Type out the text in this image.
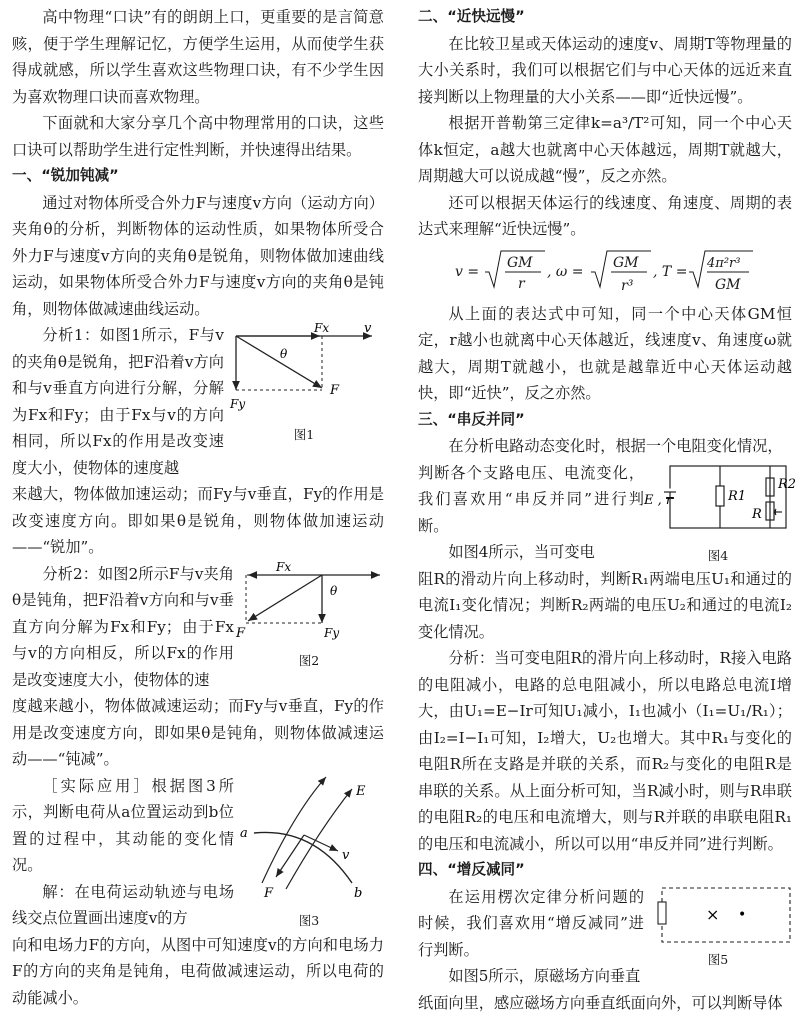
高中物理“口诀”有的朗朗上口，更重要的是言简意赅，便于学生理解记忆，方便学生运用，从而使学生获得成就感，所以学生喜欢这些物理口诀，有不少学生因为喜欢物理口诀而喜欢物理。

下面就和大家分享几个高中物理常用的口诀，这些口诀可以帮助学生进行定性判断，并快速得出结果。

一、“锐加钝减”

通过对物体所受合外力F与速度v方向（运动方向）夹角θ的分析，判断物体的运动性质，如果物体所受合外力F与速度v方向的夹角θ是锐角，则物体做加速曲线运动，如果物体所受合外力F与速度v方向的夹角θ是钝角，则物体做减速曲线运动。

分析1：如图1所示，F与v的夹角θ是锐角，把F沿着v方向和与v垂直方向进行分解，分解为Fx和Fy；由于Fx与v的方向相同，所以Fx的作用是改变速度大小，使物体的速度越

Fx	v
θ
F
Fy
图1

来越大，物体做加速运动；而Fy与v垂直，Fy的作用是改变速度方向。即如果θ是锐角，则物体做加速运动——“锐加”。

分析2：如图2所示F与v夹角θ是钝角，把F沿着v方向和与v垂直方向分解为Fx和Fy；由于Fx与v的方向相反，所以Fx的作用是改变速度大小，使物体的速

Fx
θ
F	Fy
图2

度越来越小，物体做减速运动；而Fy与v垂直，Fy的作用是改变速度方向，即如果θ是钝角，则物体做减速运动——“钝减”。

［实际应用］根据图3所示，判断电荷从a位置运动到b位置的过程中，其动能的变化情况。

解：在电荷运动轨迹与电场线交点位置画出速度v的方

E
a
v
F	b
图3

向和电场力F的方向，从图中可知速度v的方向和电场力F的方向的夹角是钝角，电荷做减速运动，所以电荷的动能减小。

二、“近快远慢”

在比较卫星或天体运动的速度v、周期T等物理量的大小关系时，我们可以根据它们与中心天体的远近来直接判断以上物理量的大小关系——即“近快远慢”。

根据开普勒第三定律k=a³/T²可知，同一个中心天体k恒定，a越大也就离中心天体越远，周期T就越大，周期越大可以说成越“慢”，反之亦然。

还可以根据天体运行的线速度、角速度、周期的表达式来理解“近快远慢”。

v =
GM
r
, ω =
GM
r³
, T =
4π²r³
GM

从上面的表达式中可知，同一个中心天体GM恒定，r越小也就离中心天体越近，线速度v、角速度ω就越大，周期T就越小，也就是越靠近中心天体运动越快，即“近快”，反之亦然。

三、“串反并同”

在分析电路动态变化时，根据一个电阻变化情况，

判断各个支路电压、电流变化，我们喜欢用“串反并同”进行判断。

如图4所示，当可变电

E , r	R1
R2
R
图4

阻R的滑动片向上移动时，判断R₁两端电压U₁和通过的电流I₁变化情况；判断R₂两端的电压U₂和通过的电流I₂变化情况。

分析：当可变电阻R的滑片向上移动时，R接入电路的电阻减小，电路的总电阻减小，所以电路总电流I增大，由U₁=E−Ir可知U₁减小，I₁也减小（I₁=U₁/R₁）；由I₂=I−I₁可知，I₂增大，U₂也增大。其中R₁与变化的电阻R所在支路是并联的关系，而R₂与变化的电阻R是串联的关系。从上面分析可知，当R减小时，则与R串联的电阻R₂的电压和电流增大，则与R并联的串联电阻R₁的电压和电流减小，所以可以用“串反并同”进行判断。

四、“增反减同”

在运用楞次定律分析问题的时候，我们喜欢用“增反减同”进行判断。

如图5所示，原磁场方向垂直

× •
图5

纸面向里，感应磁场方向垂直纸面向外，可以判断导体
